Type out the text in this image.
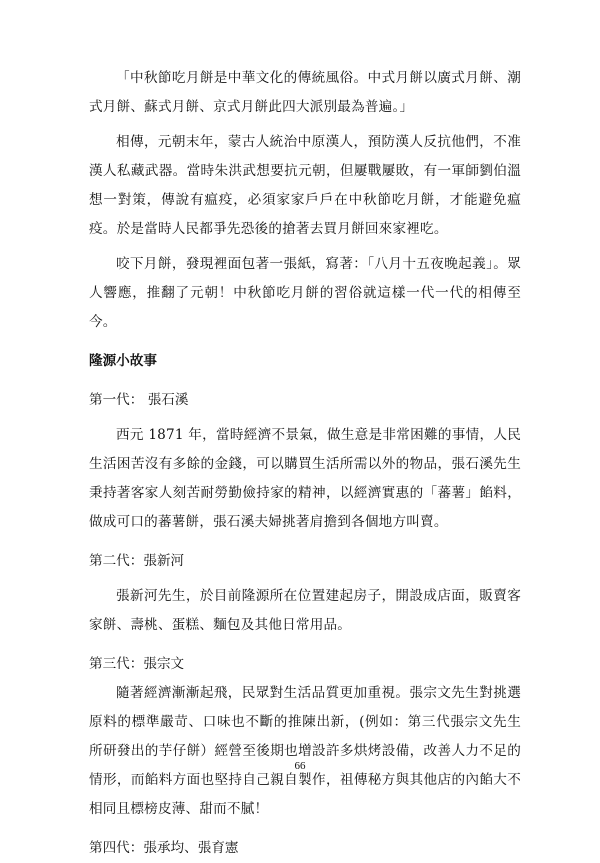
「中秋節吃月餅是中華文化的傳統風俗。中式月餅以廣式月餅、潮式月餅、蘇式月餅、京式月餅此四大派別最為普遍。」

相傳，元朝末年，蒙古人統治中原漢人，預防漢人反抗他們，不准漢人私藏武器。當時朱洪武想要抗元朝，但屢戰屢敗，有一軍師劉伯溫想一對策，傳說有瘟疫，必須家家戶戶在中秋節吃月餅，才能避免瘟疫。於是當時人民都爭先恐後的搶著去買月餅回來家裡吃。

咬下月餅，發現裡面包著一張紙，寫著：「八月十五夜晚起義」。眾人響應，推翻了元朝！中秋節吃月餅的習俗就這樣一代一代的相傳至今。

隆源小故事

第一代： 張石溪

西元 1871 年，當時經濟不景氣，做生意是非常困難的事情，人民生活困苦沒有多餘的金錢，可以購買生活所需以外的物品，張石溪先生秉持著客家人刻苦耐勞勤儉持家的精神，以經濟實惠的「蕃薯」餡料，做成可口的蕃薯餅，張石溪夫婦挑著肩擔到各個地方叫賣。

第二代：張新河

張新河先生，於目前隆源所在位置建起房子，開設成店面，販賣客家餅、壽桃、蛋糕、麵包及其他日常用品。

第三代：張宗文

隨著經濟漸漸起飛，民眾對生活品質更加重視。張宗文先生對挑選原料的標準嚴苛、口味也不斷的推陳出新，(例如：第三代張宗文先生所研發出的芋仔餅）經營至後期也增設許多烘烤設備，改善人力不足的情形，而餡料方面也堅持自己親自製作，祖傳秘方與其他店的內餡大不相同且標榜皮薄、甜而不膩！

第四代：張承均、張育憲

66
